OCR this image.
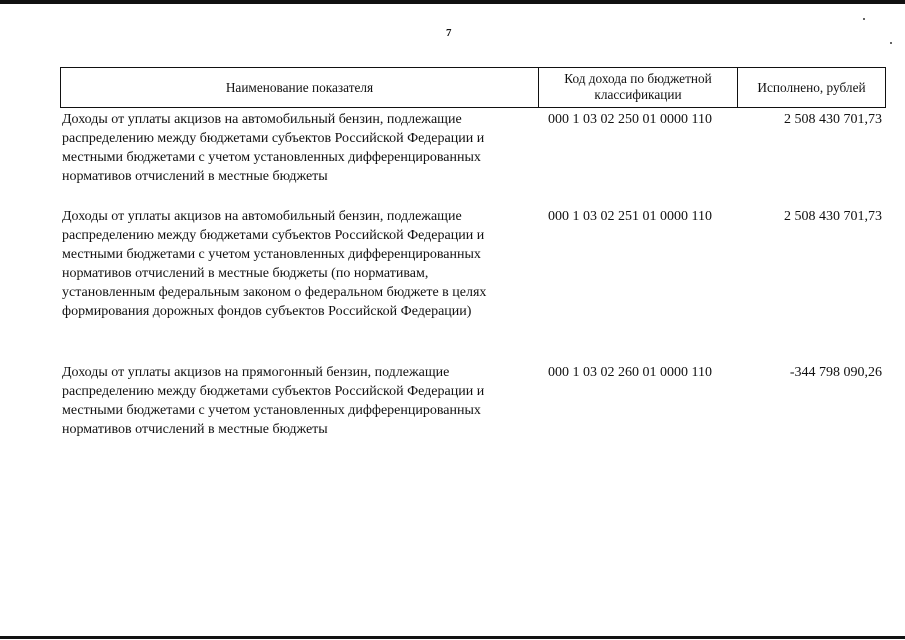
7
Наименование показателя
Код дохода по бюджетной классификации	Исполнено, рублей
Доходы от уплаты акцизов на автомобильный бензин, подлежащие
распределению между бюджетами субъектов Российской Федерации и
местными бюджетами с учетом установленных дифференцированных
нормативов отчислений в местные бюджеты
000 1 03 02 250 01 0000 110	2 508 430 701,73
Доходы от уплаты акцизов на автомобильный бензин, подлежащие
распределению между бюджетами субъектов Российской Федерации и
местными бюджетами с учетом установленных дифференцированных
нормативов отчислений в местные бюджеты (по нормативам,
установленным федеральным законом о федеральном бюджете в целях
формирования дорожных фондов субъектов Российской Федерации)
000 1 03 02 251 01 0000 110	2 508 430 701,73
Доходы от уплаты акцизов на прямогонный бензин, подлежащие
распределению между бюджетами субъектов Российской Федерации и
местными бюджетами с учетом установленных дифференцированных
нормативов отчислений в местные бюджеты
000 1 03 02 260 01 0000 110	-344 798 090,26
